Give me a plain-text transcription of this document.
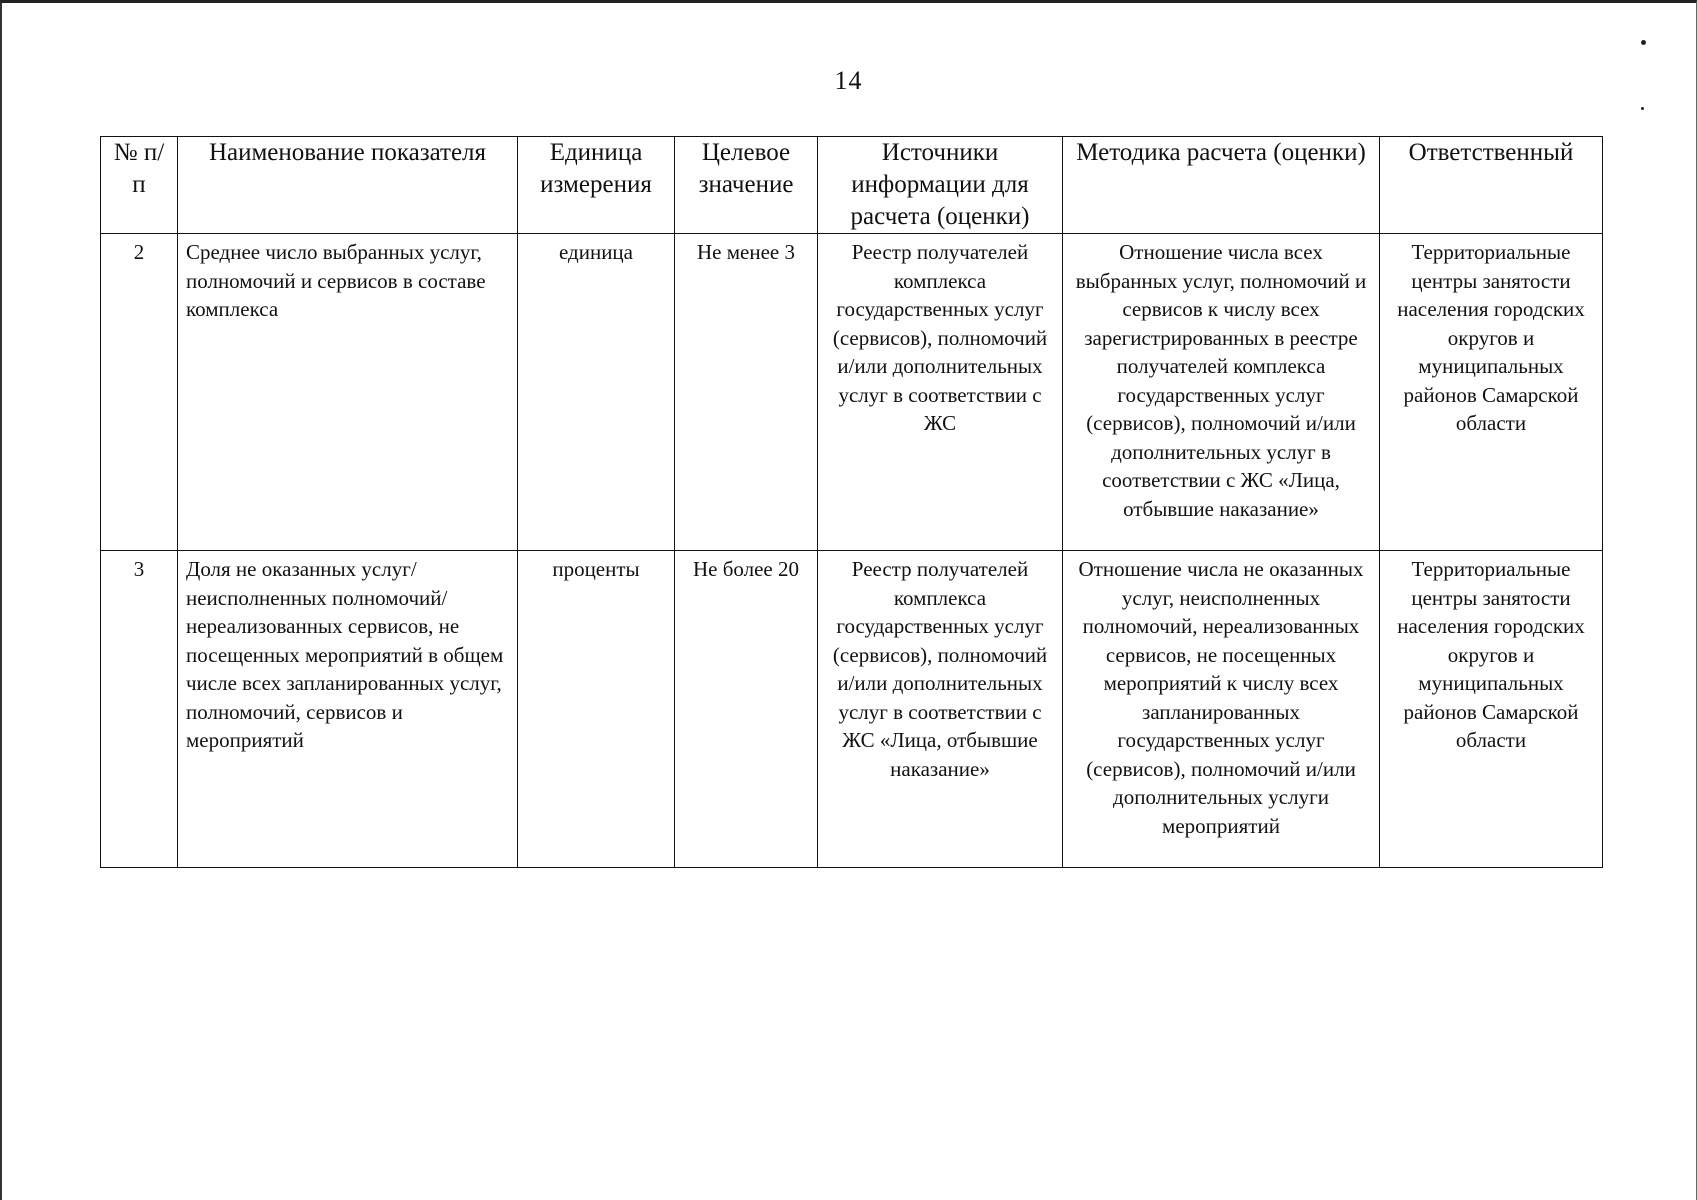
14
№ п/п	Наименование показателя	Единица измерения	Целевое значение	Источники информации для расчета (оценки)	Методика расчета (оценки)	Ответственный
2	Среднее число выбранных услуг, полномочий и сервисов в составе комплекса	единица	Не менее 3	Реестр получателей комплекса государственных услуг (сервисов), полномочий и/или дополнительных услуг в соответствии с ЖС	Отношение числа всех выбранных услуг, полномочий и сервисов к числу всех зарегистрированных в реестре получателей комплекса государственных услуг (сервисов), полномочий и/или дополнительных услуг в соответствии с ЖС «Лица, отбывшие наказание»	Территориальные центры занятости населения городских округов и муниципальных районов Самарской области
3	Доля не оказанных услуг/ неисполненных полномочий/ нереализованных сервисов, не посещенных мероприятий в общем числе всех запланированных услуг, полномочий, сервисов и мероприятий	проценты	Не более 20	Реестр получателей комплекса государственных услуг (сервисов), полномочий и/или дополнительных услуг в соответствии с ЖС «Лица, отбывшие наказание»	Отношение числа не оказанных услуг, неисполненных полномочий, нереализованных сервисов, не посещенных мероприятий к числу всех запланированных государственных услуг (сервисов), полномочий и/или дополнительных услуги мероприятий	Территориальные центры занятости населения городских округов и муниципальных районов Самарской области
